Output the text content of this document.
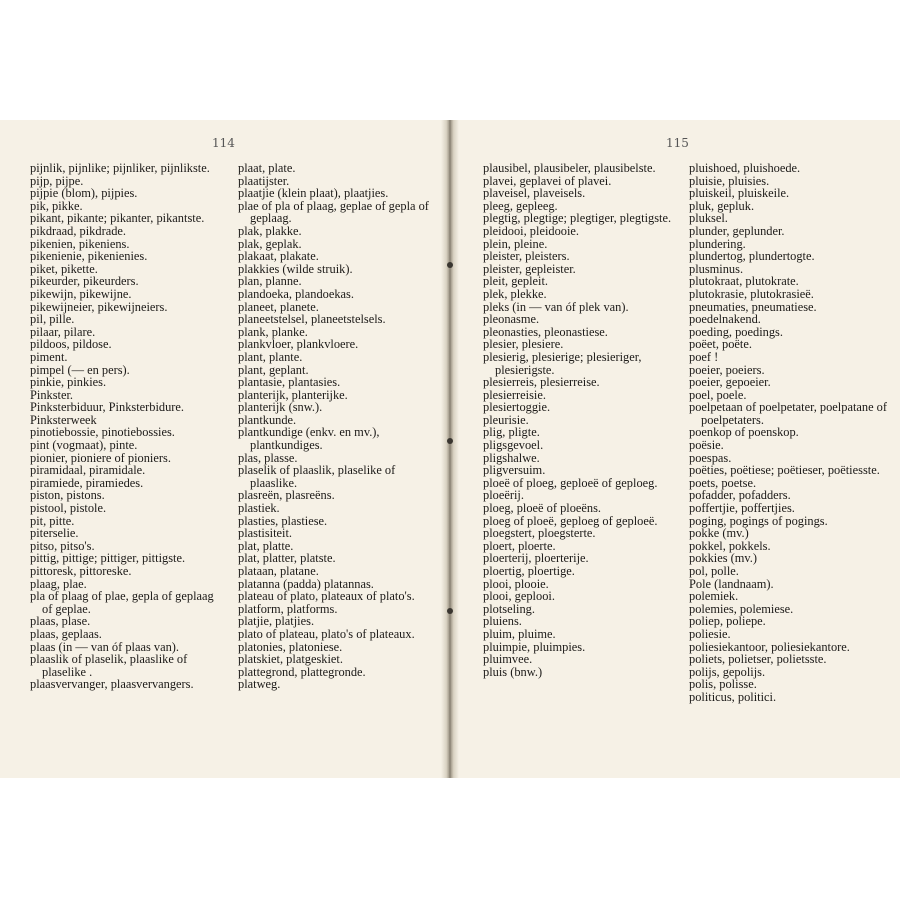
114

pijnlik, pijnlike; pijnliker, pijnlikste.

pijp, pijpe.

pijpie (blom), pijpies.

pik, pikke.

pikant, pikante; pikanter, pikantste.

pikdraad, pikdrade.

pikenien, pikeniens.

pikenienie, pikenienies.

piket, pikette.

pikeurder, pikeurders.

pikewijn, pikewijne.

pikewijneier, pikewijneiers.

pil, pille.

pilaar, pilare.

pildoos, pildose.

piment.

pimpel (— en pers).

pinkie, pinkies.

Pinkster.

Pinksterbiduur, Pinksterbidure.

Pinksterweek

pinotiebossie, pinotiebossies.

pint (vogmaat), pinte.

pionier, pioniere of pioniers.

piramidaal, piramidale.

piramiede, piramiedes.

piston, pistons.

pistool, pistole.

pit, pitte.

piterselie.

pitso, pitso's.

pittig, pittige; pittiger, pittigste.

pittoresk, pittoreske.

plaag, plae.

pla of plaag of plae, gepla of geplaag of geplae.

plaas, plase.

plaas, geplaas.

plaas (in — van óf plaas van).

plaaslik of plaselik, plaaslike of plaselike .

plaasvervanger, plaasvervangers.

plaat, plate.

plaatijster.

plaatjie (klein plaat), plaatjies.

plae of pla of plaag, geplae of gepla of geplaag.

plak, plakke.

plak, geplak.

plakaat, plakate.

plakkies (wilde struik).

plan, planne.

plandoeka, plandoekas.

planeet, planete.

planeetstelsel, planeetstelsels.

plank, planke.

plankvloer, plankvloere.

plant, plante.

plant, geplant.

plantasie, plantasies.

planterijk, planterijke.

planterijk (snw.).

plantkunde.

plantkundige (enkv. en mv.), plantkundiges.

plas, plasse.

plaselik of plaaslik, plaselike of plaaslike.

plasreën, plasreëns.

plastiek.

plasties, plastiese.

plastisiteit.

plat, platte.

plat, platter, platste.

plataan, platane.

platanna (padda) platannas.

plateau of plato, plateaux of plato's.

platform, platforms.

platjie, platjies.

plato of plateau, plato's of plateaux.

platonies, platoniese.

platskiet, platgeskiet.

plattegrond, plattegronde.

platweg.

115

plausibel, plausibeler, plausibelste.

plavei, geplavei of plavei.

plaveisel, plaveisels.

pleeg, gepleeg.

plegtig, plegtige; plegtiger, plegtigste.

pleidooi, pleidooie.

plein, pleine.

pleister, pleisters.

pleister, gepleister.

pleit, gepleit.

plek, plekke.

pleks (in — van óf plek van).

pleonasme.

pleonasties, pleonastiese.

plesier, plesiere.

plesierig, plesierige; plesieriger, plesierigste.

plesierreis, plesierreise.

plesierreisie.

plesiertoggie.

pleurisie.

plig, pligte.

pligsgevoel.

pligshalwe.

pligversuim.

ploeë of ploeg, geploeë of geploeg.

ploeërij.

ploeg, ploeë of ploeëns.

ploeg of ploeë, geploeg of geploeë.

ploegstert, ploegsterte.

ploert, ploerte.

ploerterij, ploerterije.

ploertig, ploertige.

plooi, plooie.

plooi, geplooi.

plotseling.

pluiens.

pluim, pluime.

pluimpie, pluimpies.

pluimvee.

pluis (bnw.)

pluishoed, pluishoede.

pluisie, pluisies.

pluiskeil, pluiskeile.

pluk, gepluk.

pluksel.

plunder, geplunder.

plundering.

plundertog, plundertogte.

plusminus.

plutokraat, plutokrate.

plutokrasie, plutokrasieë.

pneumaties, pneumatiese.

poedelnakend.

poeding, poedings.

poëet, poëte.

poef !

poeier, poeiers.

poeier, gepoeier.

poel, poele.

poelpetaan of poelpetater, poelpatane of poelpetaters.

poenkop of poenskop.

poësie.

poespas.

poëties, poëtiese; poëtieser, poëtiesste.

poets, poetse.

pofadder, pofadders.

poffertjie, poffertjies.

poging, pogings of pogings.

pokke (mv.)

pokkel, pokkels.

pokkies (mv.)

pol, polle.

Pole (landnaam).

polemiek.

polemies, polemiese.

poliep, poliepe.

poliesie.

poliesiekantoor, poliesiekantore.

poliets, polietser, polietsste.

polijs, gepolijs.

polis, polisse.

politicus, politici.
